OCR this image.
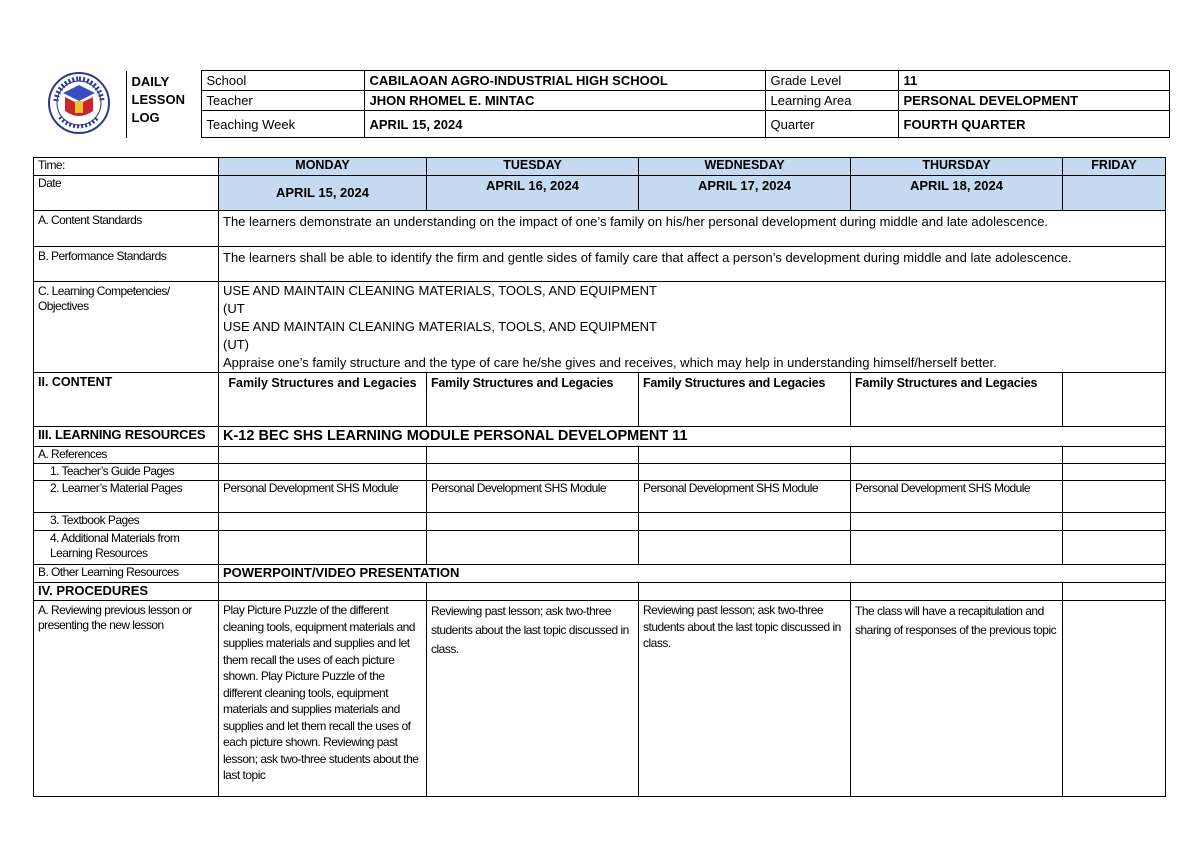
DAILY
LESSON
LOG	School	CABILAOAN AGRO-INDUSTRIAL HIGH SCHOOL	Grade Level	11
		Teacher	JHON RHOMEL E. MINTAC	Learning Area	PERSONAL DEVELOPMENT
		Teaching Week	APRIL 15, 2024	Quarter	FOURTH QUARTER
Time:	MONDAY	TUESDAY	WEDNESDAY	THURSDAY	FRIDAY
Date	APRIL 15, 2024	APRIL 16, 2024	APRIL 17, 2024	APRIL 18, 2024	
A. Content Standards	The learners demonstrate an understanding on the impact of one’s family on his/her personal development during middle and late adolescence.				
B. Performance Standards	The learners shall be able to identify the firm and gentle sides of family care that affect a person’s development during middle and late adolescence.				
C. Learning Competencies/ Objectives	USE AND MAINTAIN CLEANING MATERIALS, TOOLS, AND EQUIPMENT
(UT
USE AND MAINTAIN CLEANING MATERIALS, TOOLS, AND EQUIPMENT
(UT)
Appraise one’s family structure and the type of care he/she gives and receives, which may help in understanding himself/herself better.				

II. CONTENT	Family Structures and Legacies	Family Structures and Legacies	Family Structures and Legacies	Family Structures and Legacies	
III. LEARNING RESOURCES	K-12 BEC SHS LEARNING MODULE PERSONAL DEVELOPMENT 11				
A. References					
1. Teacher’s Guide Pages					
2. Learner’s Material Pages	Personal Development SHS Module	Personal Development SHS Module	Personal Development SHS Module	Personal Development SHS Module	
3. Textbook Pages					
4. Additional Materials from Learning Resources					
B. Other Learning Resources	POWERPOINT/VIDEO PRESENTATION				
IV. PROCEDURES					
A. Reviewing previous lesson or presenting the new lesson	Play Picture Puzzle of the different cleaning tools, equipment materials and supplies materials and supplies and let them recall the uses of each picture shown. Play Picture Puzzle of the different cleaning tools, equipment materials and supplies materials and supplies and let them recall the uses of each picture shown. Reviewing past lesson; ask two-three students about the last topic	Reviewing past lesson; ask two-three students about the last topic discussed in class.	Reviewing past lesson; ask two-three students about the last topic discussed in class.	The class will have a recapitulation and sharing of responses of the previous topic	
